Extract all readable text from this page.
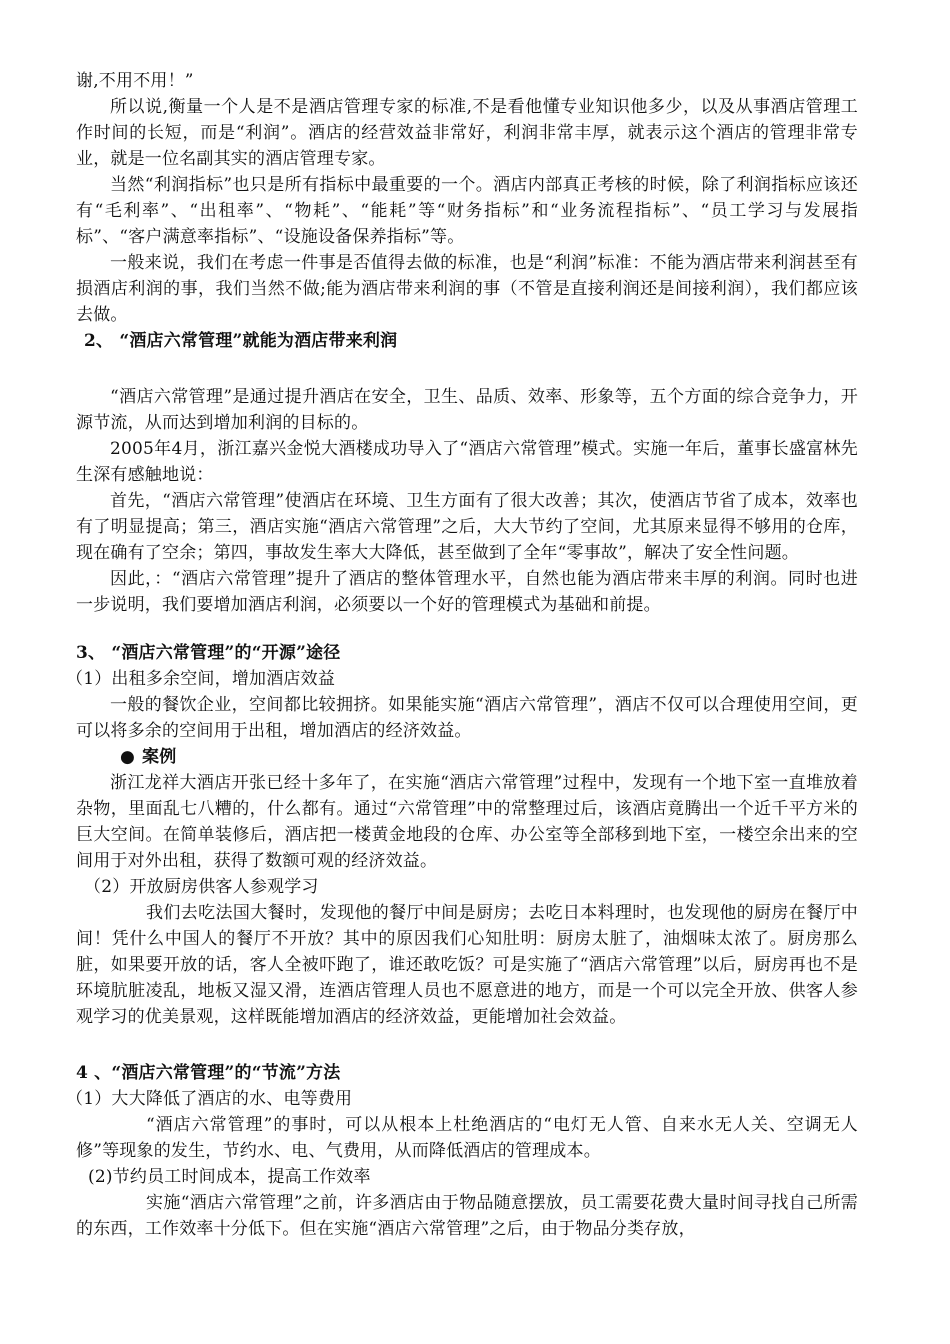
谢,不用不用！”

所以说,衡量一个人是不是酒店管理专家的标准,不是看他懂专业知识他多少，以及从事酒店管理工作时间的长短，而是“利润”。酒店的经营效益非常好，利润非常丰厚，就表示这个酒店的管理非常专业，就是一位名副其实的酒店管理专家。

当然“利润指标”也只是所有指标中最重要的一个。酒店内部真正考核的时候，除了利润指标应该还有“毛利率”、“出租率”、“物耗”、“能耗”等“财务指标”和“业务流程指标”、“员工学习与发展指标”、“客户满意率指标”、“设施设备保养指标”等。

一般来说，我们在考虑一件事是否值得去做的标准，也是“利润”标准：不能为酒店带来利润甚至有损酒店利润的事，我们当然不做;能为酒店带来利润的事（不管是直接利润还是间接利润），我们都应该去做。

2、 “酒店六常管理”就能为酒店带来利润

“酒店六常管理”是通过提升酒店在安全，卫生、品质、效率、形象等，五个方面的综合竞争力，开源节流，从而达到增加利润的目标的。

2005年4月，浙江嘉兴金悦大酒楼成功导入了“酒店六常管理”模式。实施一年后，董事长盛富林先生深有感触地说：

首先，“酒店六常管理”使酒店在环境、卫生方面有了很大改善；其次，使酒店节省了成本，效率也有了明显提高；第三，酒店实施“酒店六常管理”之后，大大节约了空间，尤其原来显得不够用的仓库，现在确有了空余；第四，事故发生率大大降低，甚至做到了全年“零事故”，解决了安全性问题。

因此，：“酒店六常管理”提升了酒店的整体管理水平，自然也能为酒店带来丰厚的利润。同时也进一步说明，我们要增加酒店利润，必须要以一个好的管理模式为基础和前提。

3、 “酒店六常管理”的“开源”途径

（1）出租多余空间，增加酒店效益

一般的餐饮企业，空间都比较拥挤。如果能实施“酒店六常管理”，酒店不仅可以合理使用空间，更可以将多余的空间用于出租，增加酒店的经济效益。

● 案例

浙江龙祥大酒店开张已经十多年了，在实施“酒店六常管理”过程中，发现有一个地下室一直堆放着杂物，里面乱七八糟的，什么都有。通过“六常管理”中的常整理过后，该酒店竟腾出一个近千平方米的巨大空间。在简单装修后，酒店把一楼黄金地段的仓库、办公室等全部移到地下室，一楼空余出来的空间用于对外出租，获得了数额可观的经济效益。

（2）开放厨房供客人参观学习

我们去吃法国大餐时，发现他的餐厅中间是厨房；去吃日本料理时，也发现他的厨房在餐厅中间！凭什么中国人的餐厅不开放？其中的原因我们心知肚明：厨房太脏了，油烟味太浓了。厨房那么脏，如果要开放的话，客人全被吓跑了，谁还敢吃饭？可是实施了“酒店六常管理”以后，厨房再也不是环境肮脏凌乱，地板又湿又滑，连酒店管理人员也不愿意进的地方，而是一个可以完全开放、供客人参观学习的优美景观，这样既能增加酒店的经济效益，更能增加社会效益。

4 、“酒店六常管理”的“节流”方法

（1）大大降低了酒店的水、电等费用

“酒店六常管理”的事时，可以从根本上杜绝酒店的“电灯无人管、自来水无人关、空调无人修”等现象的发生，节约水、电、气费用，从而降低酒店的管理成本。

(2)节约员工时间成本，提高工作效率

实施“酒店六常管理”之前，许多酒店由于物品随意摆放，员工需要花费大量时间寻找自己所需的东西，工作效率十分低下。但在实施“酒店六常管理”之后，由于物品分类存放，
